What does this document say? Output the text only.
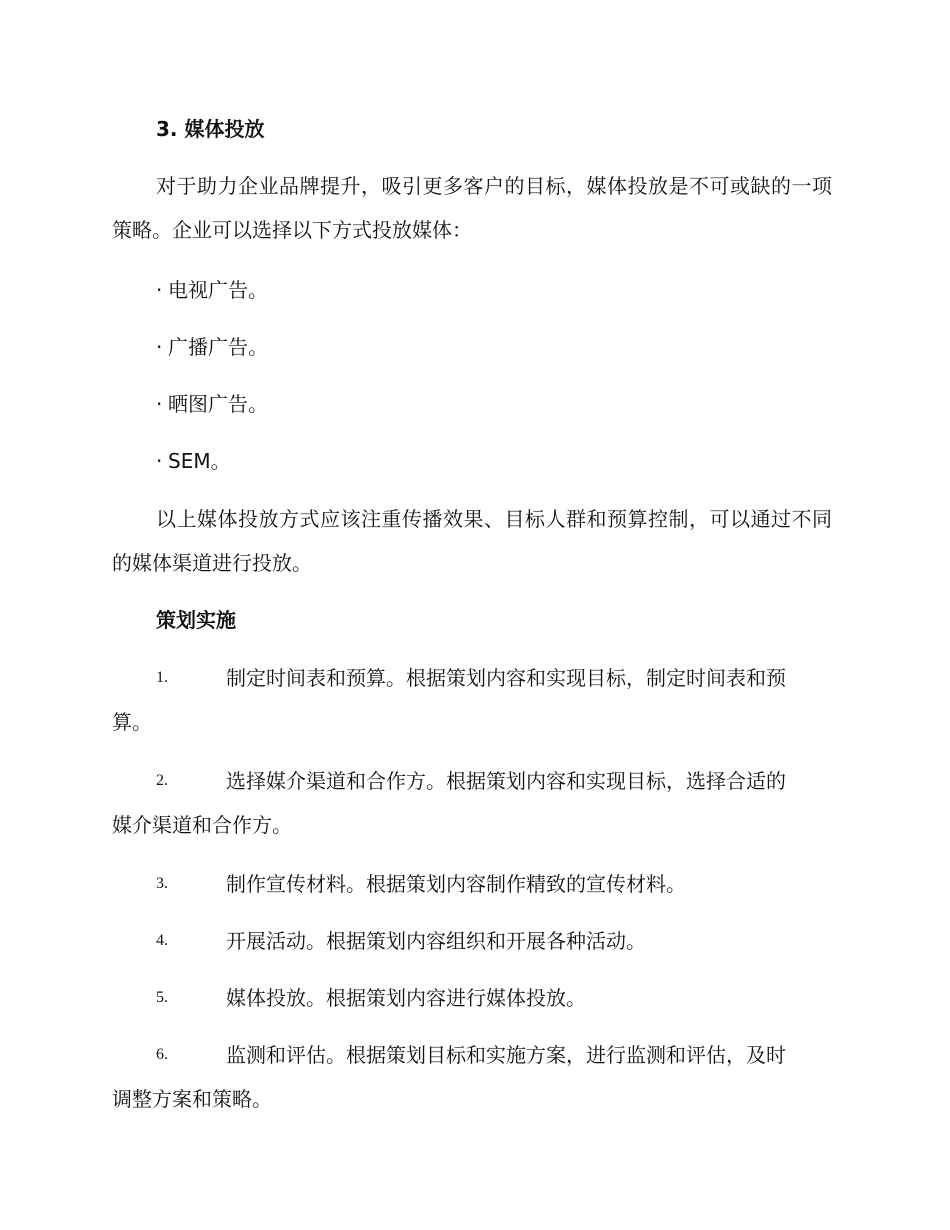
3. 媒体投放
对于助力企业品牌提升，吸引更多客户的目标，媒体投放是不可或缺的一项策略。企业可以选择以下方式投放媒体：
· 电视广告。
· 广播广告。
· 晒图广告。
· SEM。
以上媒体投放方式应该注重传播效果、目标人群和预算控制，可以通过不同的媒体渠道进行投放。
策划实施
1.	制定时间表和预算。根据策划内容和实现目标，制定时间表和预
算。
2.	选择媒介渠道和合作方。根据策划内容和实现目标，选择合适的
媒介渠道和合作方。
3.	制作宣传材料。根据策划内容制作精致的宣传材料。
4.	开展活动。根据策划内容组织和开展各种活动。
5.	媒体投放。根据策划内容进行媒体投放。
6.	监测和评估。根据策划目标和实施方案，进行监测和评估，及时
调整方案和策略。
